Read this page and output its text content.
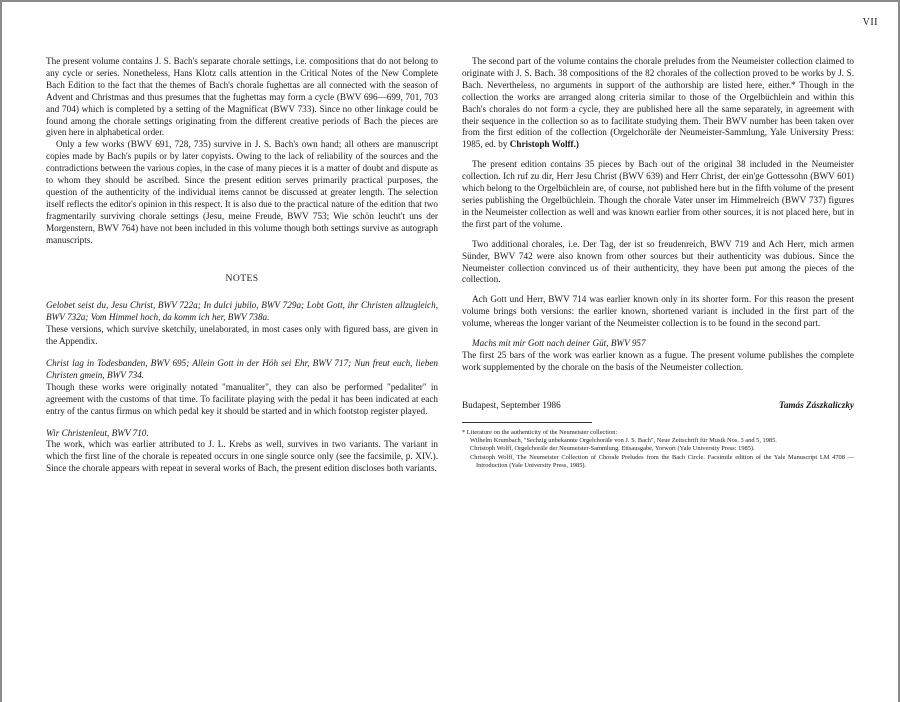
VII

The present volume contains J. S. Bach's separate chorale settings, i.e. compositions that do not belong to any cycle or series. Nonetheless, Hans Klotz calls attention in the Critical Notes of the New Complete Bach Edition to the fact that the themes of Bach's chorale fughettas are all connected with the season of Advent and Christmas and thus presumes that the fughettas may form a cycle (BWV 696—699, 701, 703 and 704) which is completed by a setting of the Magnificat (BWV 733). Since no other linkage could be found among the chorale settings originating from the different creative periods of Bach the pieces are given here in alphabetical order.

Only a few works (BWV 691, 728, 735) survive in J. S. Bach's own hand; all others are manuscript copies made by Bach's pupils or by later copyists. Owing to the lack of reliability of the sources and the contradictions between the various copies, in the case of many pieces it is a matter of doubt and dispute as to whom they should be ascribed. Since the present edition serves primarily practical purposes, the question of the authenticity of the individual items cannot be discussed at greater length. The selection itself reflects the editor's opinion in this respect. It is also due to the practical nature of the edition that two fragmentarily surviving chorale settings (Jesu, meine Freude, BWV 753; Wie schön leucht't uns der Morgenstern, BWV 764) have not been included in this volume though both settings survive as autograph manuscripts.

NOTES

Gelobet seist du, Jesu Christ, BWV 722a; In dulci jubilo, BWV 729a; Lobt Gott, ihr Christen allzugleich, BWV 732a; Vom Himmel hoch, da komm ich her, BWV 738a.

These versions, which survive sketchily, unelaborated, in most cases only with figured bass, are given in the Appendix.

Christ lag in Todesbanden, BWV 695; Allein Gott in der Höh sei Ehr, BWV 717; Nun freut euch, lieben Christen gmein, BWV 734.

Though these works were originally notated "manualiter", they can also be performed "pedaliter" in agreement with the customs of that time. To facilitate playing with the pedal it has been indicated at each entry of the cantus firmus on which pedal key it should be started and in which footstop register played.

Wir Christenleut, BWV 710.

The work, which was earlier attributed to J. L. Krebs as well, survives in two variants. The variant in which the first line of the chorale is repeated occurs in one single source only (see the facsimile, p. XIV.). Since the chorale appears with repeat in several works of Bach, the present edition discloses both variants.

The second part of the volume contains the chorale preludes from the Neumeister collection claimed to originate with J. S. Bach. 38 compositions of the 82 chorales of the collection proved to be works by J. S. Bach. Nevertheless, no arguments in support of the authorship are listed here, either.* Though in the collection the works are arranged along criteria similar to those of the Orgelbüchlein and within this Bach's chorales do not form a cycle, they are published here all the same separately, in agreement with their sequence in the collection so as to facilitate studying them. Their BWV number has been taken over from the first edition of the collection (Orgelchoräle der Neumeister-Sammlung, Yale University Press: 1985, ed. by Christoph Wolff.)

The present edition contains 35 pieces by Bach out of the original 38 included in the Neumeister collection. Ich ruf zu dir, Herr Jesu Christ (BWV 639) and Herr Christ, der ein'ge Gottessohn (BWV 601) which belong to the Orgelbüchlein are, of course, not published here but in the fifth volume of the present series publishing the Orgelbüchlein. Though the chorale Vater unser im Himmelreich (BWV 737) figures in the Neumeister collection as well and was known earlier from other sources, it is not placed here, but in the first part of the volume.

Two additional chorales, i.e. Der Tag, der ist so freudenreich, BWV 719 and Ach Herr, mich armen Sünder, BWV 742 were also known from other sources but their authenticity was dubious. Since the Neumeister collection convinced us of their authenticity, they have been put among the pieces of the collection.

Ach Gott und Herr, BWV 714 was earlier known only in its shorter form. For this reason the present volume brings both versions: the earlier known, shortened variant is included in the first part of the volume, whereas the longer variant of the Neumeister collection is to be found in the second part.

Machs mit mir Gott nach deiner Güt, BWV 957

The first 25 bars of the work was earlier known as a fugue. The present volume publishes the complete work supplemented by the chorale on the basis of the Neumeister collection.

Budapest, September 1986	Tamás Zászkaliczky
* Literature on the authenticity of the Neumeister collection:
Wilhelm Krumbach, "Sechzig unbekannte Orgelchoräle von J. S. Bach", Neue Zeitschrift für Musik Nos. 3 and 5, 1985.
Christoph Wolff, Orgelchoräle der Neumeister-Sammlung. Ettsausgabe, Yorwort (Yale University Press: 1985).
Christoph Wolff, The Neumeister Collection of Chorale Preludes from the Bach Circle. Facsimile edition of the Yale Manuscript LM 4708 — Introduction (Yale University Press, 1985).
